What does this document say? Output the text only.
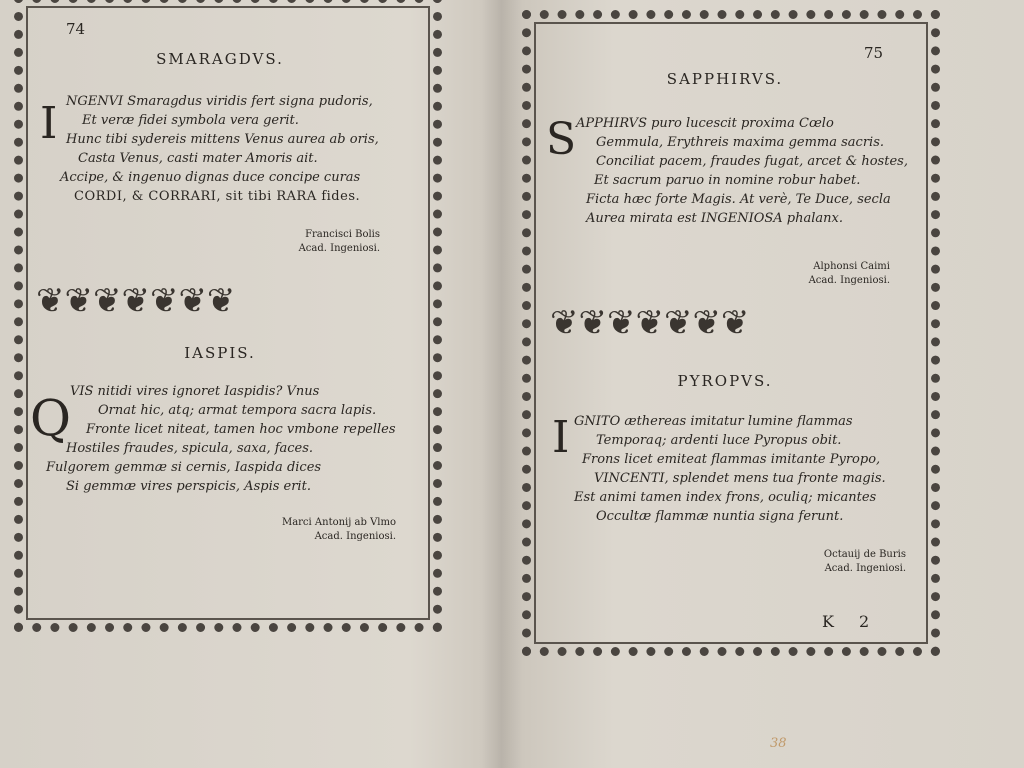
74
SMARAGDVS.
I NGENVI Smaragdus viridis fert signa pudoris,
Et veræ fidei symbola vera gerit.
Hunc tibi sydereis mittens Venus aurea ab oris,
Casta Venus, casti mater Amoris ait.
Accipe, & ingenuo dignas duce concipe curas
CORDI, & CORRARI, sit tibi RARA fides.
Francisci Bolis
Acad. Ingeniosi.
❦❦❦❦❦❦❦
IASPIS.
Q VIS nitidi vires ignoret Iaspidis? Vnus
Ornat hic, atq; armat tempora sacra lapis.
Fronte licet niteat, tamen hoc vmbone repelles
Hostiles fraudes, spicula, saxa, faces.
Fulgorem gemmæ si cernis, Iaspida dices
Si gemmæ vires perspicis, Aspis erit.
Marci Antonij ab Vlmo
Acad. Ingeniosi.
75
SAPPHIRVS.
S APPHIRVS puro lucescit proxima Cœlo
Gemmula, Erythreis maxima gemma sacris.
Conciliat pacem, fraudes fugat, arcet & hostes,
Et sacrum paruo in nomine robur habet.
Ficta hæc forte Magis. At verè, Te Duce, secla
Aurea mirata est INGENIOSA phalanx.
Alphonsi Caimi
Acad. Ingeniosi.
❦❦❦❦❦❦❦
PYROPVS.
I GNITO æthereas imitatur lumine flammas
Temporaq; ardenti luce Pyropus obit.
Frons licet emiteat flammas imitante Pyropo,
VINCENTI, splendet mens tua fronte magis.
Est animi tamen index frons, oculiq; micantes
Occultæ flammæ nuntia signa ferunt.
Octauij de Buris
Acad. Ingeniosi.
K 2
38
